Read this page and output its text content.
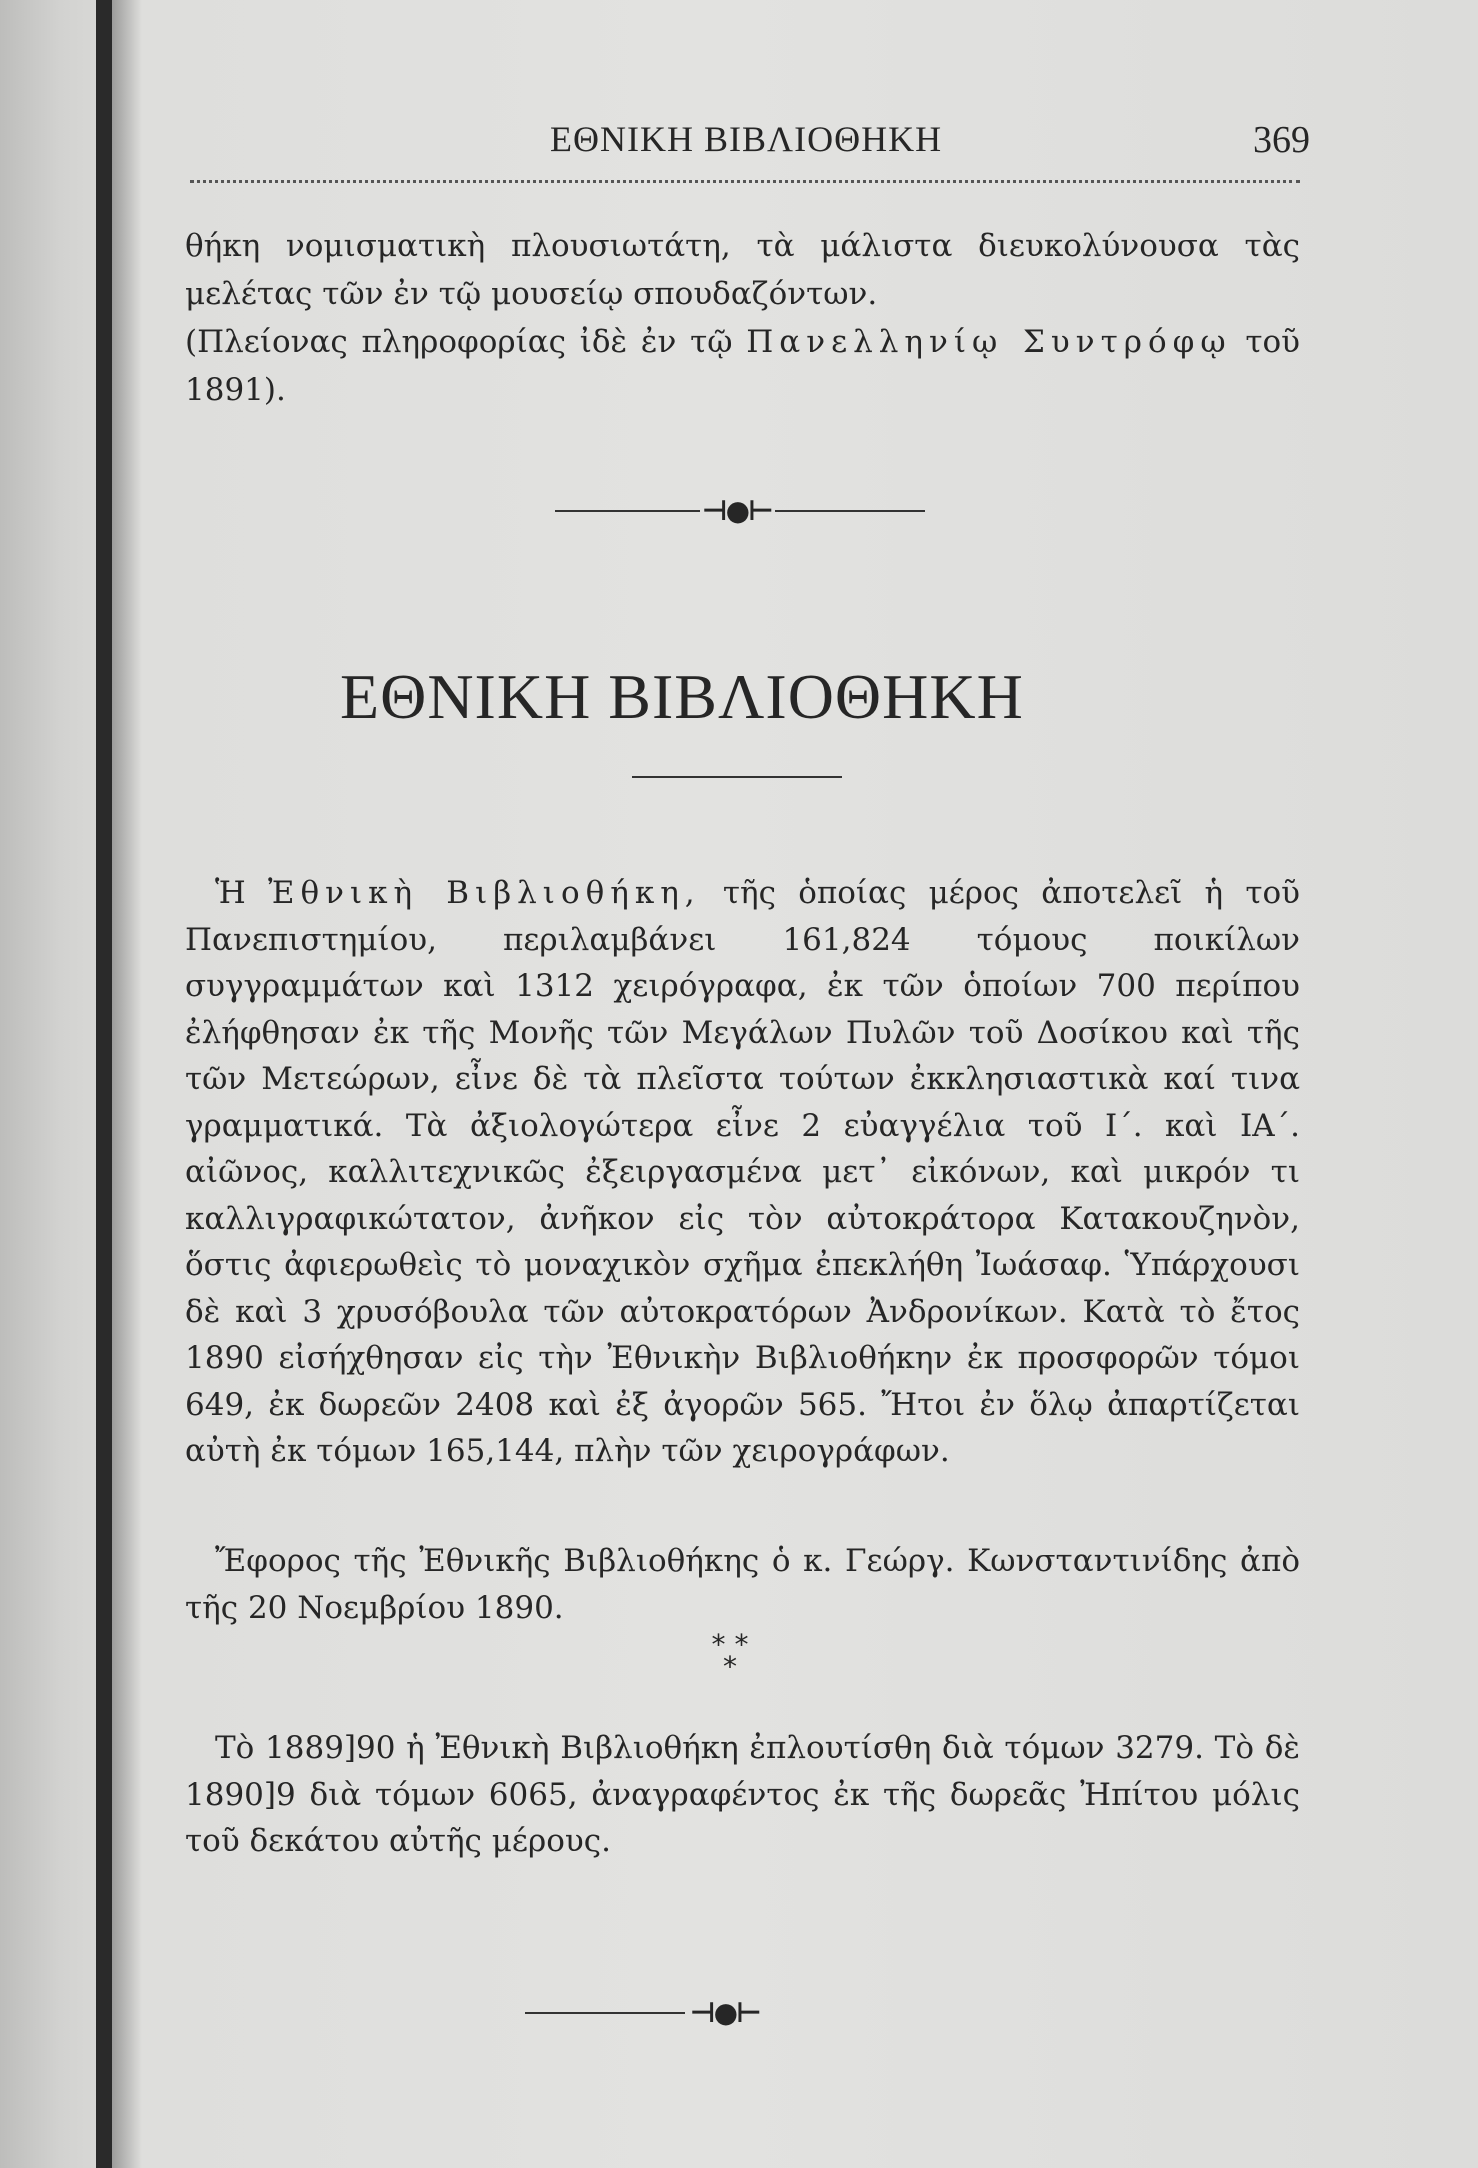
ΕΘΝΙΚΗ ΒΙΒΛΙΟΘΗΚΗ	369
θήκη νομισματικὴ πλουσιωτάτη, τὰ μάλιστα διευκολύνουσα τὰς μελέτας τῶν ἐν τῷ μουσείῳ σπουδαζόντων.
(Πλείονας πληροφορίας ἰδὲ ἐν τῷ Πανελληνίῳ Συντρόφῳ τοῦ 1891).
⊣●⊢
ΕΘΝΙΚΗ ΒΙΒΛΙΟΘΗΚΗ
Ἡ Ἐθνικὴ Βιβλιοθήκη, τῆς ὁποίας μέρος ἀποτελεῖ ἡ τοῦ Πανεπιστημίου, περιλαμβάνει 161,824 τόμους ποικίλων συγγραμμάτων καὶ 1312 χειρόγραφα, ἐκ τῶν ὁποίων 700 περίπου ἐλήφθησαν ἐκ τῆς Μονῆς τῶν Μεγάλων Πυλῶν τοῦ Δοσίκου καὶ τῆς τῶν Μετεώρων, εἶνε δὲ τὰ πλεῖστα τούτων ἐκκλησιαστικὰ καί τινα γραμματικά. Τὰ ἀξιολογώτερα εἶνε 2 εὐαγγέλια τοῦ Ι΄. καὶ ΙΑ΄. αἰῶνος, καλλιτεχνικῶς ἐξειργασμένα μετ᾽ εἰκόνων, καὶ μικρόν τι καλλιγραφικώτατον, ἀνῆκον εἰς τὸν αὐτοκράτορα Κατακουζηνὸν, ὅστις ἀφιερωθεὶς τὸ μοναχικὸν σχῆμα ἐπεκλήθη Ἰωάσαφ. Ὑπάρχουσι δὲ καὶ 3 χρυσόβουλα τῶν αὐτοκρατόρων Ἀνδρονίκων. Κατὰ τὸ ἔτος 1890 εἰσήχθησαν εἰς τὴν Ἐθνικὴν Βιβλιοθήκην ἐκ προσφορῶν τόμοι 649, ἐκ δωρεῶν 2408 καὶ ἐξ ἀγορῶν 565. Ἤτοι ἐν ὅλῳ ἀπαρτίζεται αὐτὴ ἐκ τόμων 165,144, πλὴν τῶν χειρογράφων.
Ἔφορος τῆς Ἐθνικῆς Βιβλιοθήκης ὁ κ. Γεώργ. Κωνσταντινίδης ἀπὸ τῆς 20 Νοεμβρίου 1890.
* *
*
Τὸ 1889]90 ἡ Ἐθνικὴ Βιβλιοθήκη ἐπλουτίσθη διὰ τόμων 3279. Τὸ δὲ 1890]9 διὰ τόμων 6065, ἀναγραφέντος ἐκ τῆς δωρεᾶς Ἠπίτου μόλις τοῦ δεκάτου αὐτῆς μέρους.
⊣●⊢
